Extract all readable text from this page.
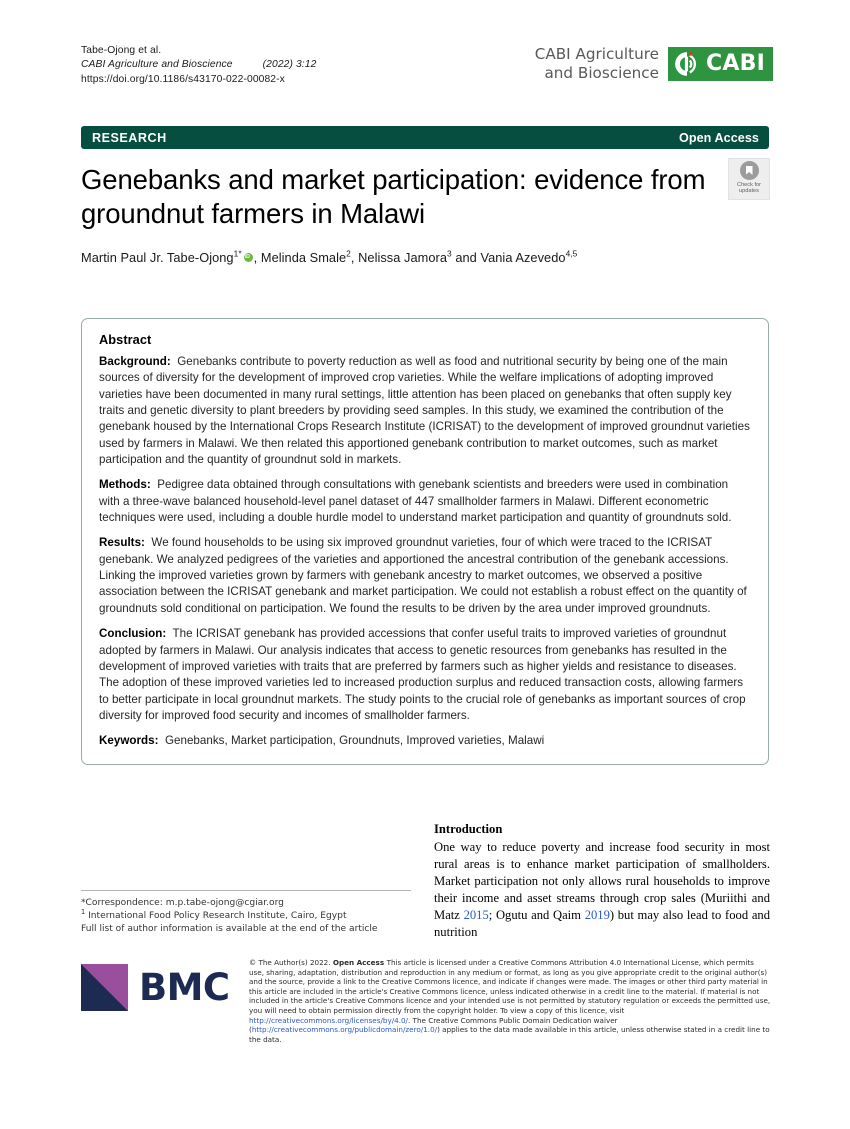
Tabe-Ojong et al.
CABI Agriculture and Bioscience	(2022) 3:12
https://doi.org/10.1186/s43170-022-00082-x
CABI Agriculture
and Bioscience CABI
RESEARCH	Open Access
Genebanks and market participation: evidence from groundnut farmers in Malawi
Martin Paul Jr. Tabe-Ojong$^{1*}$ iD , Melinda Smale$^2$, Nelissa Jamora$^3$ and Vania Azevedo$^{4,5}$
Check for
updates
Abstract

Background: Genebanks contribute to poverty reduction as well as food and nutritional security by being one of the main sources of diversity for the development of improved crop varieties. While the welfare implications of adopting improved varieties have been documented in many rural settings, little attention has been placed on genebanks that often supply key traits and genetic diversity to plant breeders by providing seed samples. In this study, we examined the contribution of the genebank housed by the International Crops Research Institute (ICRISAT) to the development of improved groundnut varieties used by farmers in Malawi. We then related this apportioned genebank contribution to market outcomes, such as market participation and the quantity of groundnut sold in markets.

Methods: Pedigree data obtained through consultations with genebank scientists and breeders were used in combination with a three-wave balanced household-level panel dataset of 447 smallholder farmers in Malawi. Different econometric techniques were used, including a double hurdle model to understand market participation and quantity of groundnuts sold.

Results: We found households to be using six improved groundnut varieties, four of which were traced to the ICRISAT genebank. We analyzed pedigrees of the varieties and apportioned the ancestral contribution of the genebank accessions. Linking the improved varieties grown by farmers with genebank ancestry to market outcomes, we observed a positive association between the ICRISAT genebank and market participation. We could not establish a robust effect on the quantity of groundnuts sold conditional on participation. We found the results to be driven by the area under improved groundnuts.

Conclusion: The ICRISAT genebank has provided accessions that confer useful traits to improved varieties of groundnut adopted by farmers in Malawi. Our analysis indicates that access to genetic resources from genebanks has resulted in the development of improved varieties with traits that are preferred by farmers such as higher yields and resistance to diseases. The adoption of these improved varieties led to increased production surplus and reduced transaction costs, allowing farmers to better participate in local groundnut markets. The study points to the crucial role of genebanks as important sources of crop diversity for improved food security and incomes of smallholder farmers.

Keywords: Genebanks, Market participation, Groundnuts, Improved varieties, Malawi

*Correspondence: m.p.tabe-ojong@cgiar.org
$^1$ International Food Policy Research Institute, Cairo, Egypt
Full list of author information is available at the end of the article
Introduction

One way to reduce poverty and increase food security in most rural areas is to enhance market participation of smallholders. Market participation not only allows rural households to improve their income and asset streams through crop sales (Muriithi and Matz 2015; Ogutu and Qaim 2019) but may also lead to food and nutrition

BMC
© The Author(s) 2022. Open Access This article is licensed under a Creative Commons Attribution 4.0 International License, which permits use, sharing, adaptation, distribution and reproduction in any medium or format, as long as you give appropriate credit to the original author(s) and the source, provide a link to the Creative Commons licence, and indicate if changes were made. The images or other third party material in this article are included in the article's Creative Commons licence, unless indicated otherwise in a credit line to the material. If material is not included in the article's Creative Commons licence and your intended use is not permitted by statutory regulation or exceeds the permitted use, you will need to obtain permission directly from the copyright holder. To view a copy of this licence, visit http://creativecommons.org/licenses/by/4.0/. The Creative Commons Public Domain Dedication waiver (http://creativecommons.org/publicdomain/zero/1.0/) applies to the data made available in this article, unless otherwise stated in a credit line to the data.
